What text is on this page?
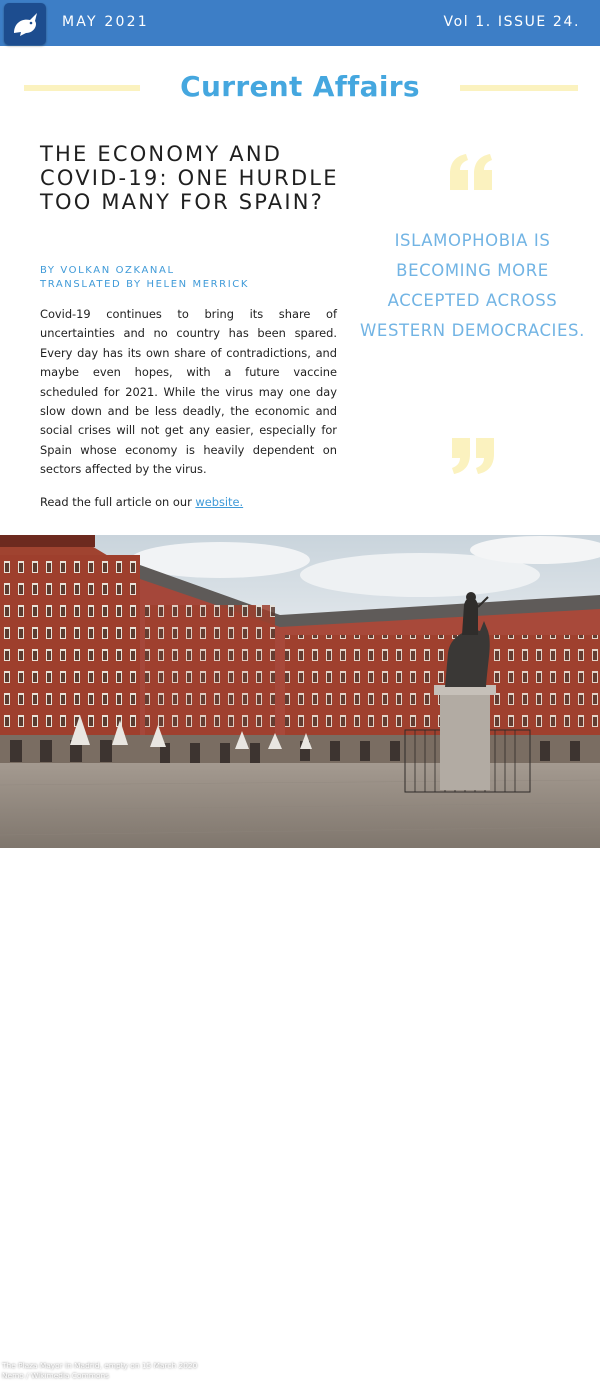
MAY 2021	Vol 1. ISSUE 24.
Current Affairs
THE ECONOMY AND COVID-19: ONE HURDLE TOO MANY FOR SPAIN?
BY VOLKAN OZKANAL
TRANSLATED BY HELEN MERRICK

Covid-19 continues to bring its share of uncertainties and no country has been spared. Every day has its own share of contradictions, and maybe even hopes, with a future vaccine scheduled for 2021. While the virus may one day slow down and be less deadly, the economic and social crises will not get any easier, especially for Spain whose economy is heavily dependent on sectors affected by the virus.

Read the full article on our website.

ISLAMOPHOBIA IS BECOMING MORE ACCEPTED ACROSS WESTERN DEMOCRACIES.

The Plaza Mayor in Madrid, empty on 15 March 2020
Nemo / Wikimedia Commons
